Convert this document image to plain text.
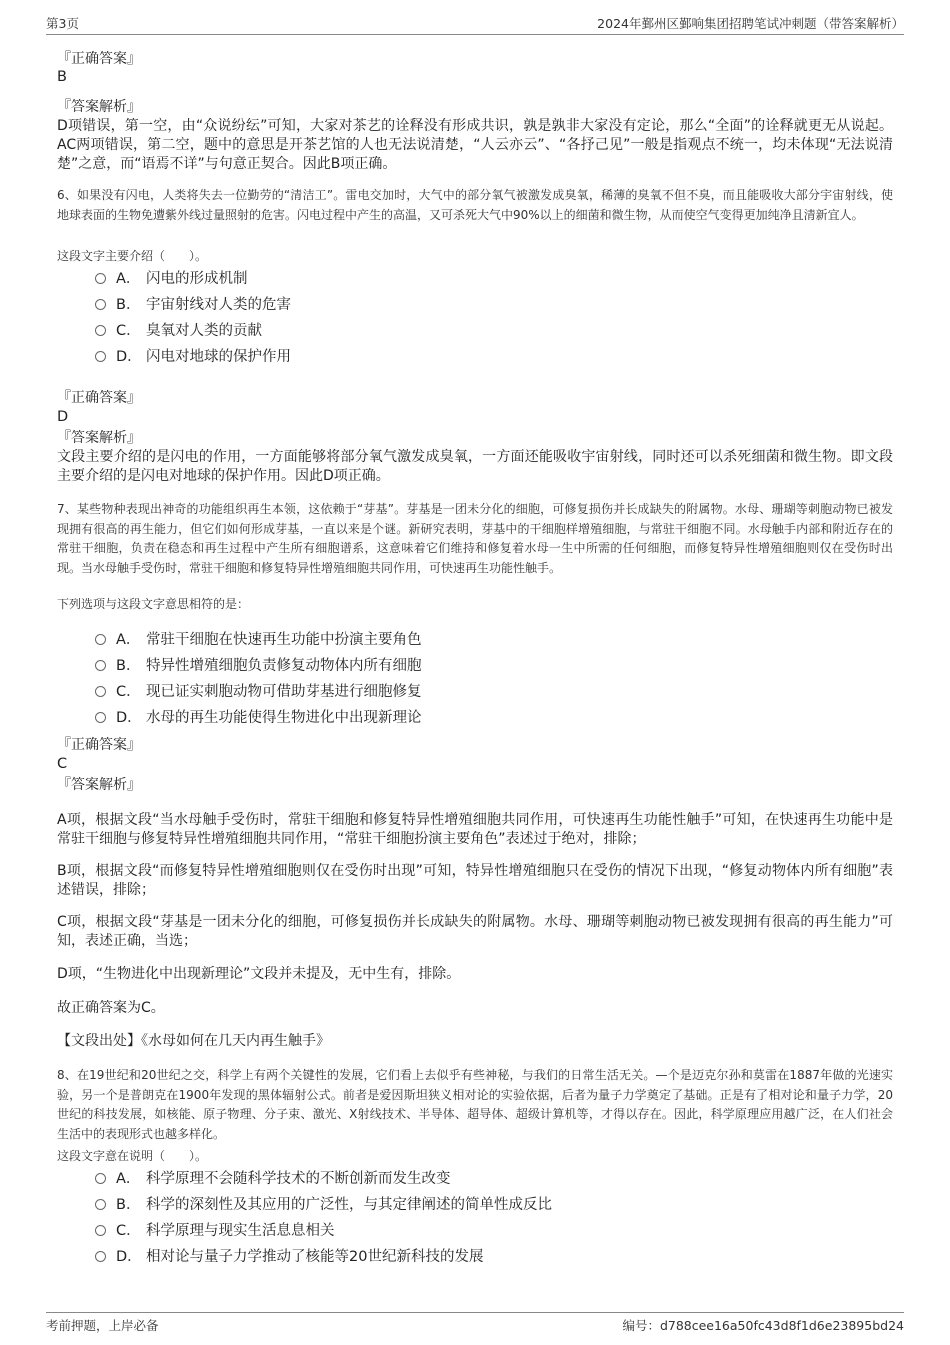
第3页	2024年鄞州区鄞响集团招聘笔试冲刺题（带答案解析）
『正确答案』
B
『答案解析』
D项错误，第一空，由“众说纷纭”可知，大家对茶艺的诠释没有形成共识，孰是孰非大家没有定论，那么“全面”的诠释就更无从说起。AC两项错误，第二空，题中的意思是开茶艺馆的人也无法说清楚，“人云亦云”、“各抒己见”一般是指观点不统一，均未体现“无法说清楚”之意，而“语焉不详”与句意正契合。因此B项正确。
6、如果没有闪电，人类将失去一位勤劳的“清洁工”。雷电交加时，大气中的部分氧气被激发成臭氧，稀薄的臭氧不但不臭，而且能吸收大部分宇宙射线，使地球表面的生物免遭紫外线过量照射的危害。闪电过程中产生的高温，又可杀死大气中90%以上的细菌和微生物，从而使空气变得更加纯净且清新宜人。
这段文字主要介绍（　　）。
A． 闪电的形成机制
B． 宇宙射线对人类的危害
C． 臭氧对人类的贡献
D． 闪电对地球的保护作用
『正确答案』
D
『答案解析』
文段主要介绍的是闪电的作用，一方面能够将部分氧气激发成臭氧，一方面还能吸收宇宙射线，同时还可以杀死细菌和微生物。即文段主要介绍的是闪电对地球的保护作用。因此D项正确。
7、某些物种表现出神奇的功能组织再生本领，这依赖于“芽基”。芽基是一团未分化的细胞，可修复损伤并长成缺失的附属物。水母、珊瑚等刺胞动物已被发现拥有很高的再生能力，但它们如何形成芽基，一直以来是个谜。新研究表明，芽基中的干细胞样增殖细胞，与常驻干细胞不同。水母触手内部和附近存在的常驻干细胞，负责在稳态和再生过程中产生所有细胞谱系，这意味着它们维持和修复着水母一生中所需的任何细胞，而修复特异性增殖细胞则仅在受伤时出现。当水母触手受伤时，常驻干细胞和修复特异性增殖细胞共同作用，可快速再生功能性触手。
下列选项与这段文字意思相符的是：
A． 常驻干细胞在快速再生功能中扮演主要角色
B． 特异性增殖细胞负责修复动物体内所有细胞
C． 现已证实刺胞动物可借助芽基进行细胞修复
D． 水母的再生功能使得生物进化中出现新理论
『正确答案』
C
『答案解析』
A项，根据文段“当水母触手受伤时，常驻干细胞和修复特异性增殖细胞共同作用，可快速再生功能性触手”可知，在快速再生功能中是常驻干细胞与修复特异性增殖细胞共同作用，“常驻干细胞扮演主要角色”表述过于绝对，排除；
B项，根据文段“而修复特异性增殖细胞则仅在受伤时出现”可知，特异性增殖细胞只在受伤的情况下出现，“修复动物体内所有细胞”表述错误，排除；
C项，根据文段“芽基是一团未分化的细胞，可修复损伤并长成缺失的附属物。水母、珊瑚等刺胞动物已被发现拥有很高的再生能力”可知，表述正确，当选；
D项，“生物进化中出现新理论”文段并未提及，无中生有，排除。
故正确答案为C。
【文段出处】《水母如何在几天内再生触手》
8、在19世纪和20世纪之交，科学上有两个关键性的发展，它们看上去似乎有些神秘，与我们的日常生活无关。—个是迈克尔孙和莫雷在1887年做的光速实验，另一个是普朗克在1900年发现的黑体辐射公式。前者是爱因斯坦狭义相对论的实验依据，后者为量子力学奠定了基础。正是有了相对论和量子力学，20世纪的科技发展，如核能、原子物理、分子束、激光、X射线技术、半导体、超导体、超级计算机等，才得以存在。因此，科学原理应用越广泛，在人们社会生活中的表现形式也越多样化。
这段文字意在说明（　　）。
A． 科学原理不会随科学技术的不断创新而发生改变
B． 科学的深刻性及其应用的广泛性，与其定律阐述的简单性成反比
C． 科学原理与现实生活息息相关
D． 相对论与量子力学推动了核能等20世纪新科技的发展
考前押题，上岸必备	编号：d788cee16a50fc43d8f1d6e23895bd24
